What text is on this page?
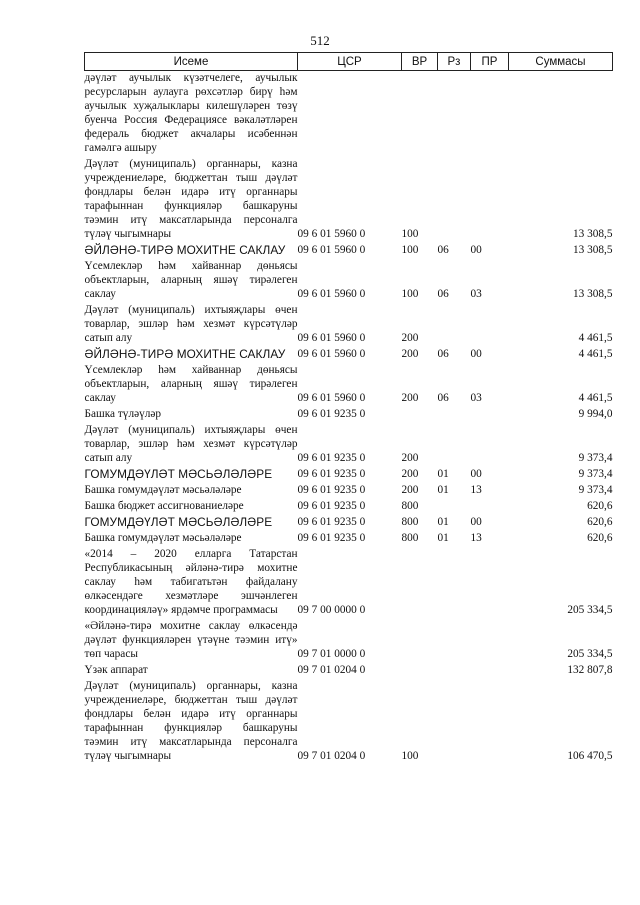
512
Исеме	ЦСР	ВР	Рз	ПР	Суммасы
дәүләт аучылык күзәтчелеге, аучылык ресурсларын аулауга рөхсәтләр бирү һәм аучылык хуҗалыклары килешүләрен төзү буенча Россия Федерациясе вәкаләтләрен федераль бюджет акчалары исәбеннән гамәлгә ашыру					
Дәүләт (муниципаль) органнары, казна учреждениеләре, бюджеттан тыш дәүләт фондлары белән идарә итү органнары тарафыннан функцияләр башкаруны тәэмин итү максатларында персоналга түләү чыгымнары	09 6 01 5960 0	100			13 308,5
ӘЙЛӘНӘ-ТИРӘ МОХИТНЕ САКЛАУ	09 6 01 5960 0	100	06	00	13 308,5
Үсемлекләр һәм хайваннар дөньясы объектларын, аларның яшәү тирәлеген саклау	09 6 01 5960 0	100	06	03	13 308,5
Дәүләт (муниципаль) ихтыяҗлары өчен товарлар, эшләр һәм хезмәт күрсәтүләр сатып алу	09 6 01 5960 0	200			4 461,5
ӘЙЛӘНӘ-ТИРӘ МОХИТНЕ САКЛАУ	09 6 01 5960 0	200	06	00	4 461,5
Үсемлекләр һәм хайваннар дөньясы объектларын, аларның яшәү тирәлеген саклау	09 6 01 5960 0	200	06	03	4 461,5
Башка түләүләр	09 6 01 9235 0				9 994,0
Дәүләт (муниципаль) ихтыяҗлары өчен товарлар, эшләр һәм хезмәт күрсәтүләр сатып алу	09 6 01 9235 0	200			9 373,4
ГОМУМДӘҮЛӘТ МӘСЬӘЛӘЛӘРЕ	09 6 01 9235 0	200	01	00	9 373,4
Башка гомумдәүләт мәсьәләләре	09 6 01 9235 0	200	01	13	9 373,4
Башка бюджет ассигнованиеләре	09 6 01 9235 0	800			620,6
ГОМУМДӘҮЛӘТ МӘСЬӘЛӘЛӘРЕ	09 6 01 9235 0	800	01	00	620,6
Башка гомумдәүләт мәсьәләләре	09 6 01 9235 0	800	01	13	620,6
«2014 – 2020 елларга Татарстан Республикасының әйләнә-тирә мохитне саклау һәм табигатьтән файдалану өлкәсендәге хезмәтләре эшчәнлеген координацияләү» ярдәмче программасы	09 7 00 0000 0				205 334,5
«Әйләнә-тирә мохитне саклау өлкәсендә дәүләт функцияләрен үтәүне тәэмин итү» төп чарасы	09 7 01 0000 0				205 334,5
Үзәк аппарат	09 7 01 0204 0				132 807,8
Дәүләт (муниципаль) органнары, казна учреждениеләре, бюджеттан тыш дәүләт фондлары белән идарә итү органнары тарафыннан функцияләр башкаруны тәэмин итү максатларында персоналга түләү чыгымнары	09 7 01 0204 0	100			106 470,5
